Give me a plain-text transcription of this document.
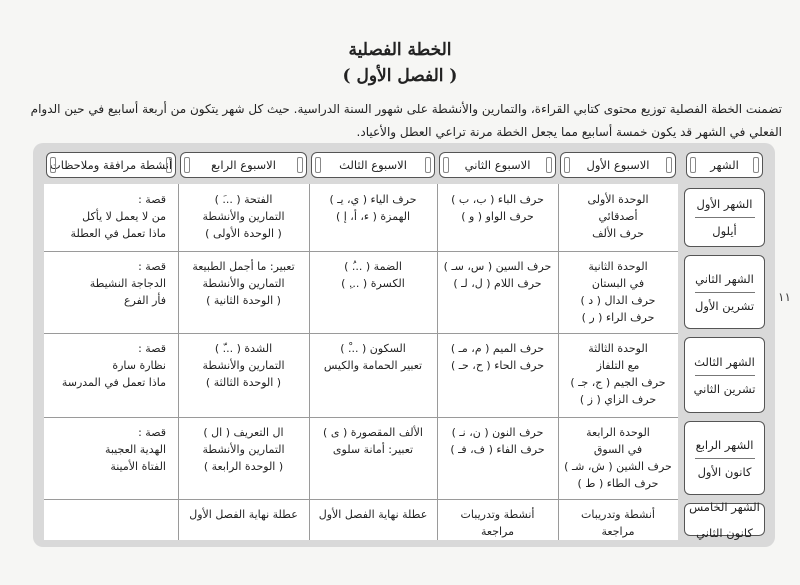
الخطة الفصلية
( الفصل الأول )
تضمنت الخطة الفصلية توزيع محتوى كتابي القراءة، والتمارين والأنشطة على شهور السنة الدراسية. حيث كل شهر يتكون من أربعة أسابيع في حين الدوام
الفعلي في الشهر قد يكون خمسة أسابيع مما يجعل الخطة مرنة تراعي العطل والأعياد.
١١
الشهر
الاسبوع الأول
الاسبوع الثاني
الاسبوع الثالث
الاسبوع الرابع
أنشطة مرافقة وملاحظات
الشهر الأول
أيلول
الوحدة الأولى
أصدقائي
حرف الألف
حرف الباء ( ب، ب )
حرف الواو ( و )
حرف الياء ( ي، يـ )
الهمزة ( ء، أ، إ )
الفتحة ( ...َ )
التمارين والأنشطة
( الوحدة الأولى )
قصة :
من لا يعمل لا يأكل
ماذا تعمل في العطلة
الشهر الثاني
تشرين الأول
الوحدة الثانية
في البستان
حرف الدال ( د )
حرف الراء ( ر )
حرف السين ( س، سـ )
حرف اللام ( ل، لـ )
الضمة ( ...ُ )
الكسرة ( ...ِ )
تعبير: ما أجمل الطبيعة
التمارين والأنشطة
( الوحدة الثانية )
قصة :
الدجاجة النشيطة
فأر الفرع
الشهر الثالث
تشرين الثاني
الوحدة الثالثة
مع التلفاز
حرف الجيم ( ج، جـ )
حرف الزاي ( ز )
حرف الميم ( م، مـ )
حرف الحاء ( ح، حـ )
السكون ( ...ْ )
تعبير الحمامة والكيس
الشدة ( ...ّ )
التمارين والأنشطة
( الوحدة الثالثة )
قصة :
نظارة سارة
ماذا تعمل في المدرسة
الشهر الرابع
كانون الأول
الوحدة الرابعة
في السوق
حرف الشين ( ش، شـ )
حرف الطاء ( ط )
حرف النون ( ن، نـ )
حرف الفاء ( ف، فـ )
الألف المقصورة ( ى )
تعبير: أمانة سلوى
ال التعريف ( ال )
التمارين والأنشطة
( الوحدة الرابعة )
قصة :
الهدية العجيبة
الفتاة الأمينة
الشهر الخامس
كانون الثاني
أنشطة وتدريبات
مراجعة
أنشطة وتدريبات
مراجعة
عطلة نهاية الفصل الأول
عطلة نهاية الفصل الأول
